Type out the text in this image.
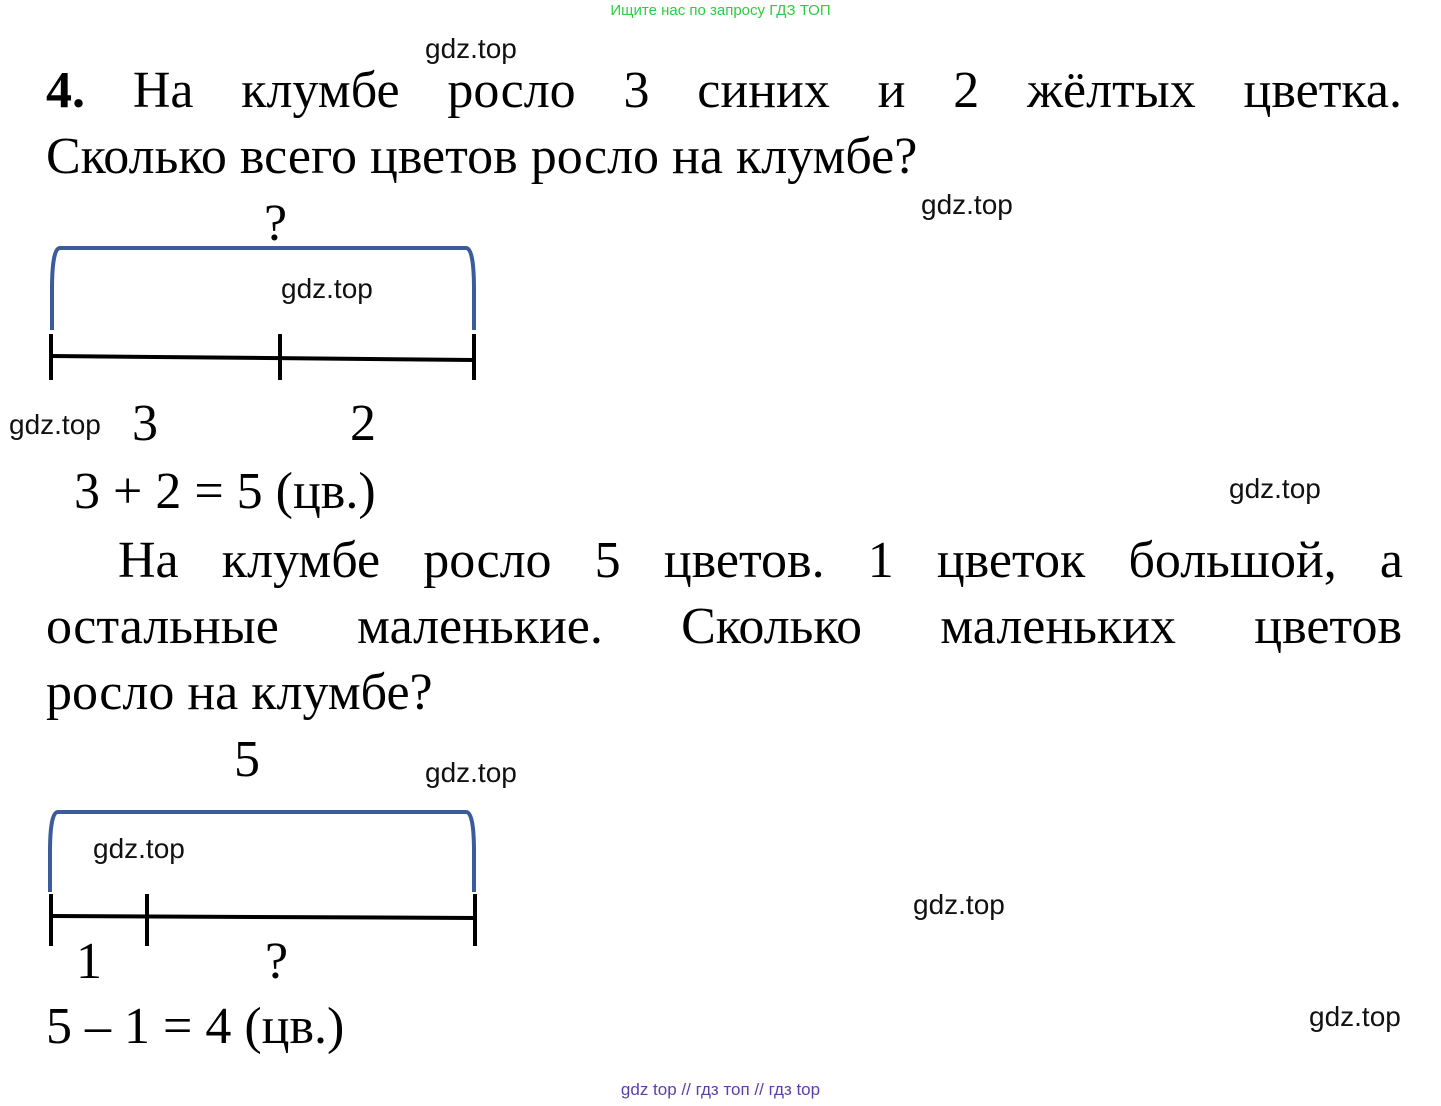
Ищите нас по запросу ГДЗ ТОП
gdz.top
gdz.top
gdz.top
gdz.top
gdz.top
gdz.top
gdz.top
gdz.top
gdz.top
4. На клумбе росло 3 синих и 2 жёлтых цветка.
Сколько всего цветов росло на клумбе?
?
3	2
3 + 2 = 5 (цв.)
На клумбе росло 5 цветов. 1 цветок большой, а
остальные маленькие. Сколько маленьких цветов
росло на клумбе?
5
1	?
5 – 1 = 4 (цв.)
gdz top // гдз топ // гдз top
